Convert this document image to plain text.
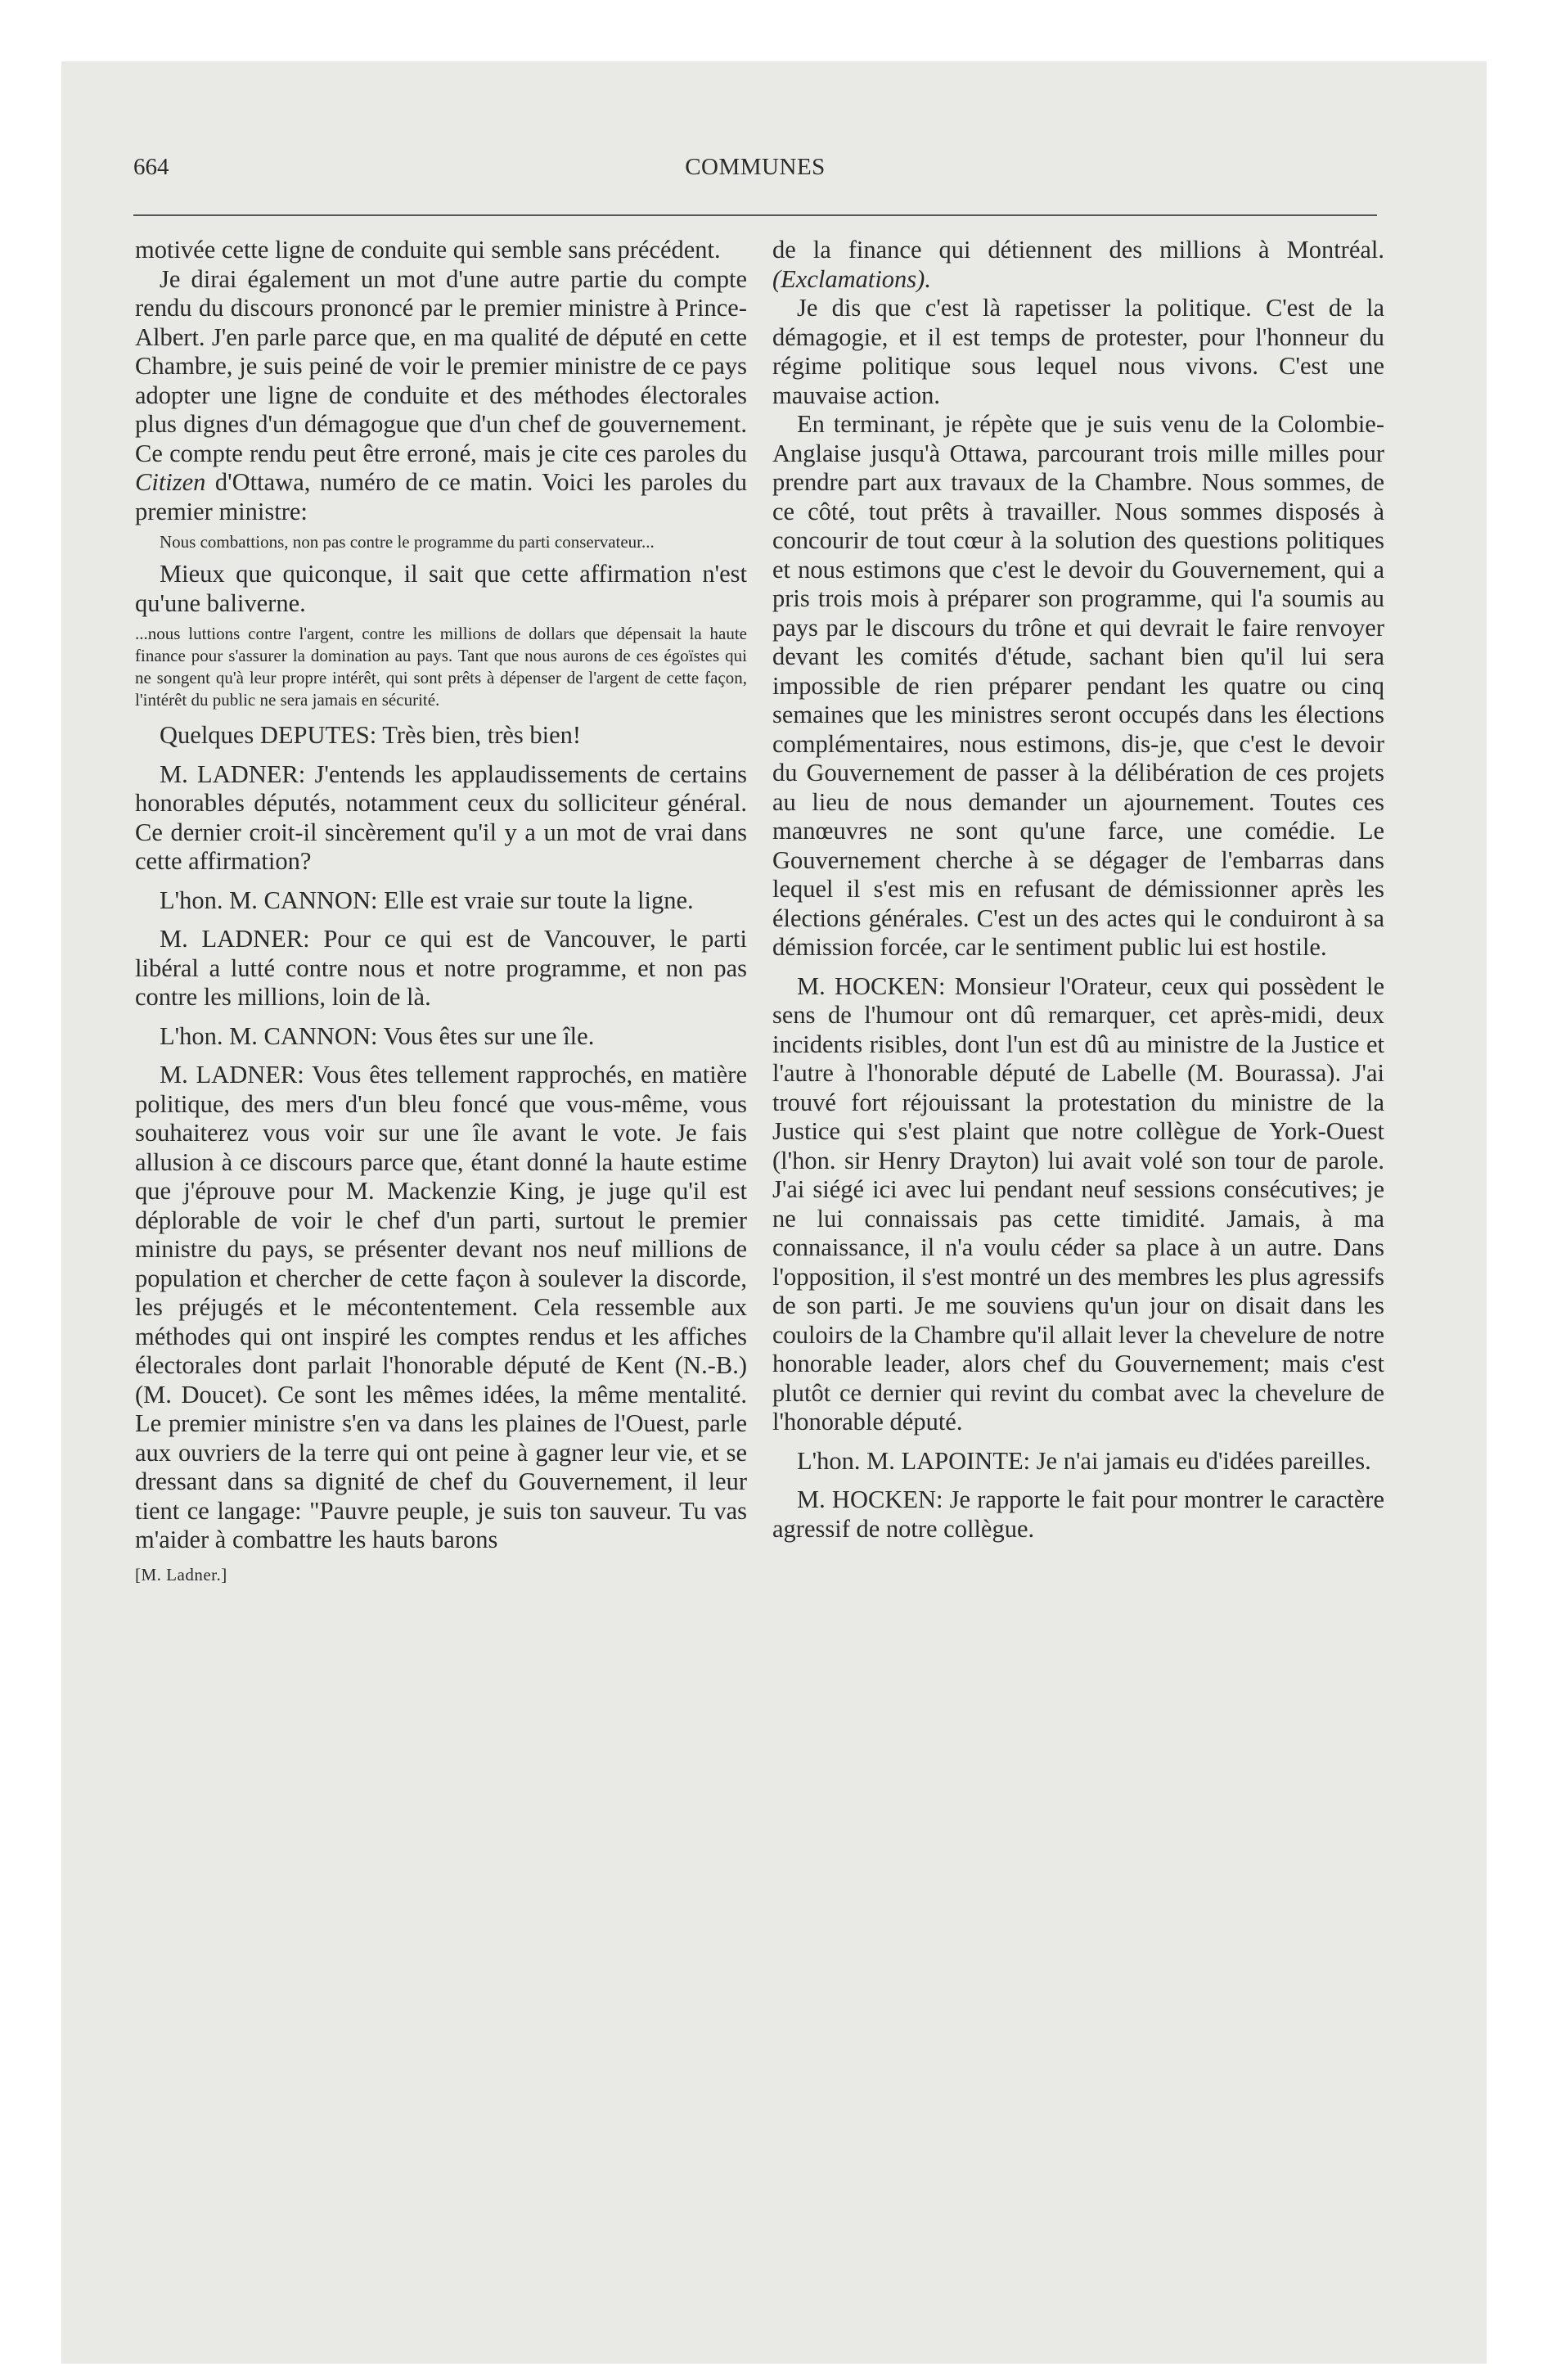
664	COMMUNES

motivée cette ligne de conduite qui semble sans précédent.

Je dirai également un mot d'une autre partie du compte rendu du discours prononcé par le premier ministre à Prince-Albert. J'en parle parce que, en ma qualité de député en cette Chambre, je suis peiné de voir le premier ministre de ce pays adopter une ligne de conduite et des méthodes électorales plus dignes d'un démagogue que d'un chef de gouvernement. Ce compte rendu peut être erroné, mais je cite ces paroles du Citizen d'Ottawa, numéro de ce matin. Voici les paroles du premier ministre:

Nous combattions, non pas contre le programme du parti conservateur...

Mieux que quiconque, il sait que cette affirmation n'est qu'une baliverne.

...nous luttions contre l'argent, contre les millions de dollars que dépensait la haute finance pour s'assurer la domination au pays. Tant que nous aurons de ces égoïstes qui ne songent qu'à leur propre intérêt, qui sont prêts à dépenser de l'argent de cette façon, l'intérêt du public ne sera jamais en sécurité.

Quelques DEPUTES: Très bien, très bien!

M. LADNER: J'entends les applaudissements de certains honorables députés, notamment ceux du solliciteur général. Ce dernier croit-il sincèrement qu'il y a un mot de vrai dans cette affirmation?

L'hon. M. CANNON: Elle est vraie sur toute la ligne.

M. LADNER: Pour ce qui est de Vancouver, le parti libéral a lutté contre nous et notre programme, et non pas contre les millions, loin de là.

L'hon. M. CANNON: Vous êtes sur une île.

M. LADNER: Vous êtes tellement rapprochés, en matière politique, des mers d'un bleu foncé que vous-même, vous souhaiterez vous voir sur une île avant le vote. Je fais allusion à ce discours parce que, étant donné la haute estime que j'éprouve pour M. Mackenzie King, je juge qu'il est déplorable de voir le chef d'un parti, surtout le premier ministre du pays, se présenter devant nos neuf millions de population et chercher de cette façon à soulever la discorde, les préjugés et le mécontentement. Cela ressemble aux méthodes qui ont inspiré les comptes rendus et les affiches électorales dont parlait l'honorable député de Kent (N.-B.) (M. Doucet). Ce sont les mêmes idées, la même mentalité. Le premier ministre s'en va dans les plaines de l'Ouest, parle aux ouvriers de la terre qui ont peine à gagner leur vie, et se dressant dans sa dignité de chef du Gouvernement, il leur tient ce langage: "Pauvre peuple, je suis ton sauveur. Tu vas m'aider à combattre les hauts barons

[M. Ladner.]

de la finance qui détiennent des millions à Montréal. (Exclamations).

Je dis que c'est là rapetisser la politique. C'est de la démagogie, et il est temps de protester, pour l'honneur du régime politique sous lequel nous vivons. C'est une mauvaise action.

En terminant, je répète que je suis venu de la Colombie-Anglaise jusqu'à Ottawa, parcourant trois mille milles pour prendre part aux travaux de la Chambre. Nous sommes, de ce côté, tout prêts à travailler. Nous sommes disposés à concourir de tout cœur à la solution des questions politiques et nous estimons que c'est le devoir du Gouvernement, qui a pris trois mois à préparer son programme, qui l'a soumis au pays par le discours du trône et qui devrait le faire renvoyer devant les comités d'étude, sachant bien qu'il lui sera impossible de rien préparer pendant les quatre ou cinq semaines que les ministres seront occupés dans les élections complémentaires, nous estimons, dis-je, que c'est le devoir du Gouvernement de passer à la délibération de ces projets au lieu de nous demander un ajournement. Toutes ces manœuvres ne sont qu'une farce, une comédie. Le Gouvernement cherche à se dégager de l'embarras dans lequel il s'est mis en refusant de démissionner après les élections générales. C'est un des actes qui le conduiront à sa démission forcée, car le sentiment public lui est hostile.

M. HOCKEN: Monsieur l'Orateur, ceux qui possèdent le sens de l'humour ont dû remarquer, cet après-midi, deux incidents risibles, dont l'un est dû au ministre de la Justice et l'autre à l'honorable député de Labelle (M. Bourassa). J'ai trouvé fort réjouissant la protestation du ministre de la Justice qui s'est plaint que notre collègue de York-Ouest (l'hon. sir Henry Drayton) lui avait volé son tour de parole. J'ai siégé ici avec lui pendant neuf sessions consécutives; je ne lui connaissais pas cette timidité. Jamais, à ma connaissance, il n'a voulu céder sa place à un autre. Dans l'opposition, il s'est montré un des membres les plus agressifs de son parti. Je me souviens qu'un jour on disait dans les couloirs de la Chambre qu'il allait lever la chevelure de notre honorable leader, alors chef du Gouvernement; mais c'est plutôt ce dernier qui revint du combat avec la chevelure de l'honorable député.

L'hon. M. LAPOINTE: Je n'ai jamais eu d'idées pareilles.

M. HOCKEN: Je rapporte le fait pour montrer le caractère agressif de notre collègue.
